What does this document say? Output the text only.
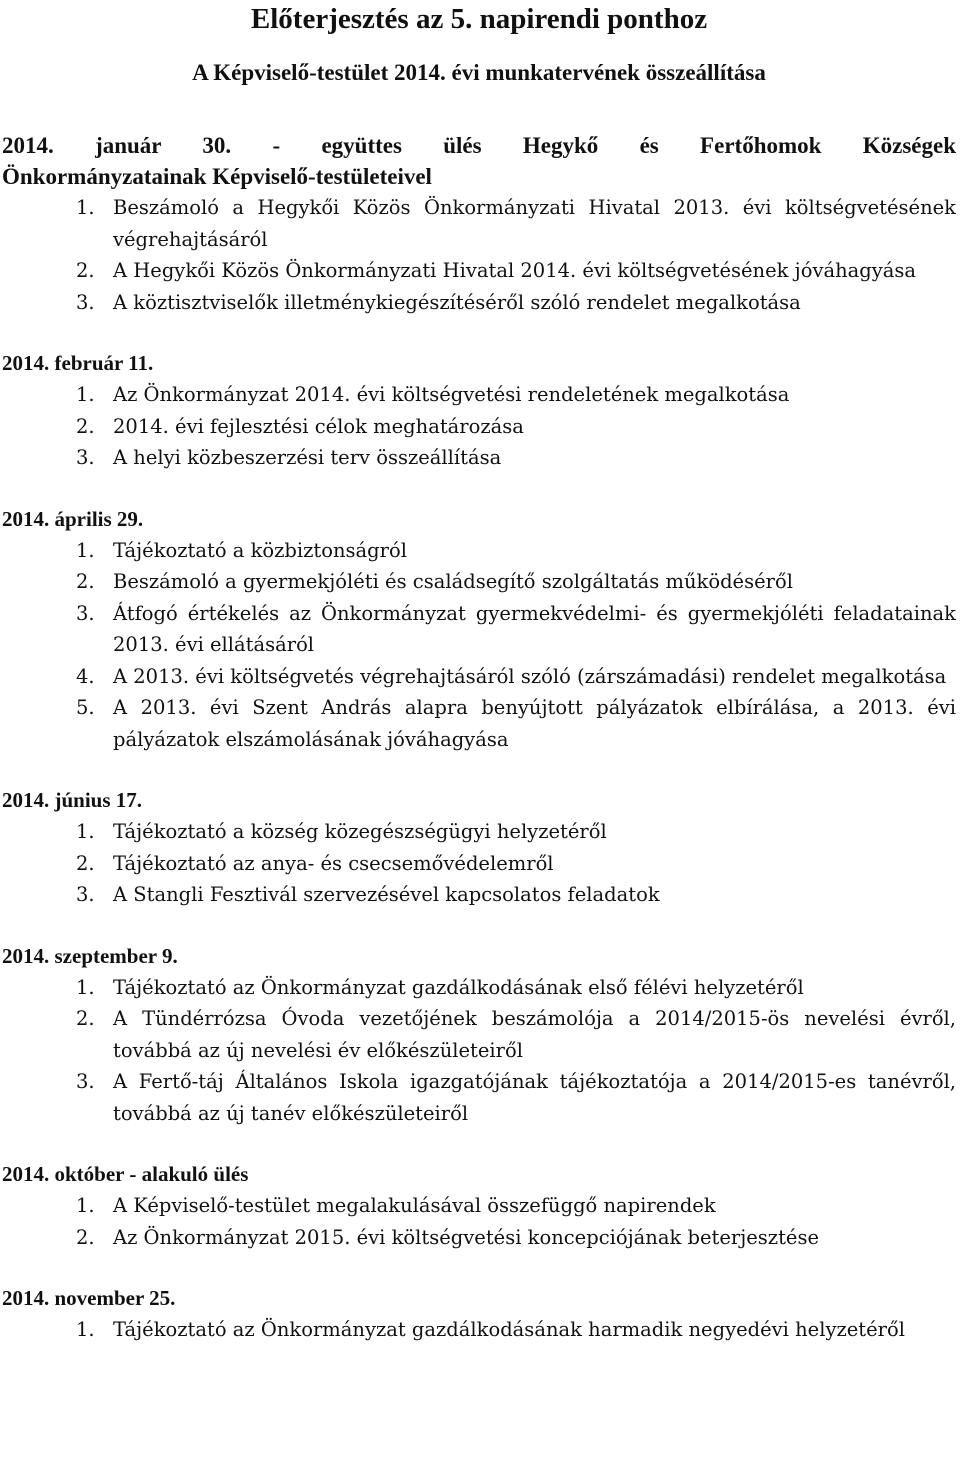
Előterjesztés az 5. napirendi ponthoz
A Képviselő-testület 2014. évi munkatervének összeállítása
2014. január 30. - együttes ülés Hegykő és Fertőhomok Községek
Önkormányzatainak Képviselő-testületeivel
1. Beszámoló a Hegykői Közös Önkormányzati Hivatal 2013. évi költségvetésének végrehajtásáról
2. A Hegykői Közös Önkormányzati Hivatal 2014. évi költségvetésének jóváhagyása
3. A köztisztviselők illetménykiegészítéséről szóló rendelet megalkotása

2014. február 11.

1. Az Önkormányzat 2014. évi költségvetési rendeletének megalkotása
2. 2014. évi fejlesztési célok meghatározása
3. A helyi közbeszerzési terv összeállítása

2014. április 29.

1. Tájékoztató a közbiztonságról
2. Beszámoló a gyermekjóléti és családsegítő szolgáltatás működéséről
3. Átfogó értékelés az Önkormányzat gyermekvédelmi- és gyermekjóléti feladatainak 2013. évi ellátásáról
4. A 2013. évi költségvetés végrehajtásáról szóló (zárszámadási) rendelet megalkotása
5. A 2013. évi Szent András alapra benyújtott pályázatok elbírálása, a 2013. évi pályázatok elszámolásának jóváhagyása

2014. június 17.

1. Tájékoztató a község közegészségügyi helyzetéről
2. Tájékoztató az anya- és csecsemővédelemről
3. A Stangli Fesztivál szervezésével kapcsolatos feladatok

2014. szeptember 9.

1. Tájékoztató az Önkormányzat gazdálkodásának első félévi helyzetéről
2. A Tündérrózsa Óvoda vezetőjének beszámolója a 2014/2015-ös nevelési évről, továbbá az új nevelési év előkészületeiről
3. A Fertő-táj Általános Iskola igazgatójának tájékoztatója a 2014/2015-es tanévről, továbbá az új tanév előkészületeiről

2014. október - alakuló ülés

1. A Képviselő-testület megalakulásával összefüggő napirendek
2. Az Önkormányzat 2015. évi költségvetési koncepciójának beterjesztése

2014. november 25.

1. Tájékoztató az Önkormányzat gazdálkodásának harmadik negyedévi helyzetéről
